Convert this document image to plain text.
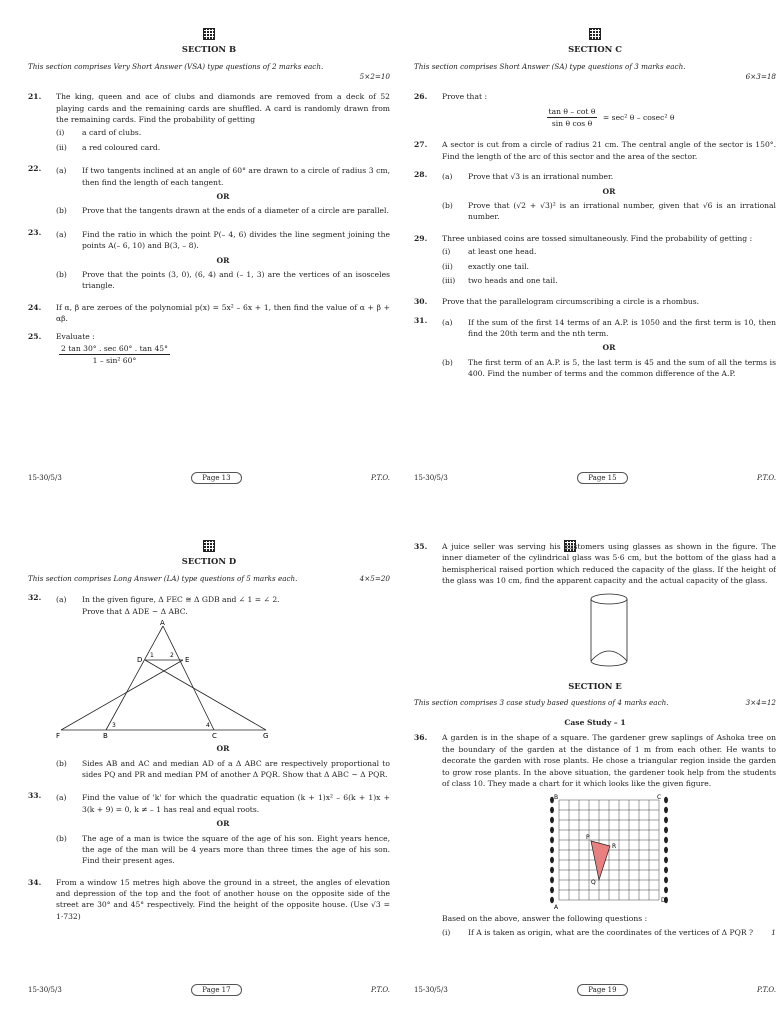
SECTION B
This section comprises Very Short Answer (VSA) type questions of 2 marks each.
5×2=10
21.	The king, queen and ace of clubs and diamonds are removed from a deck of 52 playing cards and the remaining cards are shuffled. A card is randomly drawn from the remaining cards. Find the probability of getting
(i)	a card of clubs.
(ii)	a red coloured card.
22.	(a)	If two tangents inclined at an angle of 60° are drawn to a circle of radius 3 cm, then find the length of each tangent.
OR
(b)	Prove that the tangents drawn at the ends of a diameter of a circle are parallel.
23.	(a)	Find the ratio in which the point P(– 4, 6) divides the line segment joining the points A(– 6, 10) and B(3, – 8).
OR
(b)	Prove that the points (3, 0), (6, 4) and (– 1, 3) are the vertices of an isosceles triangle.
24.	If α, β are zeroes of the polynomial p(x) = 5x² – 6x + 1, then find the value of α + β + αβ.
25.	Evaluate :
$\frac{2 \tan 30^\circ . \sec 60^\circ . \tan 45^\circ}{\text{1 – sin² 60°}}$
15-30/5/3	Page 13	P.T.O.
SECTION C
This section comprises Short Answer (SA) type questions of 3 marks each.
6×3=18
26.	Prove that :
$\frac{\text{tan θ – cot θ}}{\text{sin θ cos θ}} = \sec^2$ θ – cosec² θ
27.	A sector is cut from a circle of radius 21 cm. The central angle of the sector is 150°. Find the length of the arc of this sector and the area of the sector.
28.	(a)	Prove that √3 is an irrational number.
OR
(b)	Prove that (√2 + √3)² is an irrational number, given that √6 is an irrational number.
29.	Three unbiased coins are tossed simultaneously. Find the probability of getting :
(i)	at least one head.
(ii)	exactly one tail.
(iii)	two heads and one tail.
30.	Prove that the parallelogram circumscribing a circle is a rhombus.
31.	(a)	If the sum of the first 14 terms of an A.P. is 1050 and the first term is 10, then find the 20th term and the nth term.
OR
(b)	The first term of an A.P. is 5, the last term is 45 and the sum of all the terms is 400. Find the number of terms and the common difference of the A.P.
15-30/5/3	Page 15	P.T.O.
SECTION D
This section comprises Long Answer (LA) type questions of 5 marks each.	4×5=20
32.	(a)	In the given figure, Δ FEC ≅ Δ GDB and ∠ 1 = ∠ 2.
Prove that Δ ADE ~ Δ ABC.
A
D	E
F	B	C	G
1	2
3	4
OR
(b)	Sides AB and AC and median AD of a Δ ABC are respectively proportional to sides PQ and PR and median PM of another Δ PQR. Show that Δ ABC ~ Δ PQR.
33.	(a)	Find the value of 'k' for which the quadratic equation (k + 1)x² – 6(k + 1)x + 3(k + 9) = 0, k ≠ – 1 has real and equal roots.
OR
(b)	The age of a man is twice the square of the age of his son. Eight years hence, the age of the man will be 4 years more than three times the age of his son. Find their present ages.
34.	From a window 15 metres high above the ground in a street, the angles of elevation and depression of the top and the foot of another house on the opposite side of the street are 30° and 45° respectively. Find the height of the opposite house. (Use √3 = 1·732)
15-30/5/3	Page 17	P.T.O.
35.	A juice seller was serving his customers using glasses as shown in the figure. The inner diameter of the cylindrical glass was 5·6 cm, but the bottom of the glass had a hemispherical raised portion which reduced the capacity of the glass. If the height of the glass was 10 cm, find the apparent capacity and the actual capacity of the glass.
SECTION E
This section comprises 3 case study based questions of 4 marks each.	3×4=12
Case Study – 1
36.	A garden is in the shape of a square. The gardener grew saplings of Ashoka tree on the boundary of the garden at the distance of 1 m from each other. He wants to decorate the garden with rose plants. He chose a triangular region inside the garden to grow rose plants. In the above situation, the gardener took help from the students of class 10. They made a chart for it which looks like the given figure.
B	C
A
D
P
R
Q
Based on the above, answer the following questions :
(i)	If A is taken as origin, what are the coordinates of the vertices of Δ PQR ?	1
15-30/5/3	Page 19	P.T.O.
